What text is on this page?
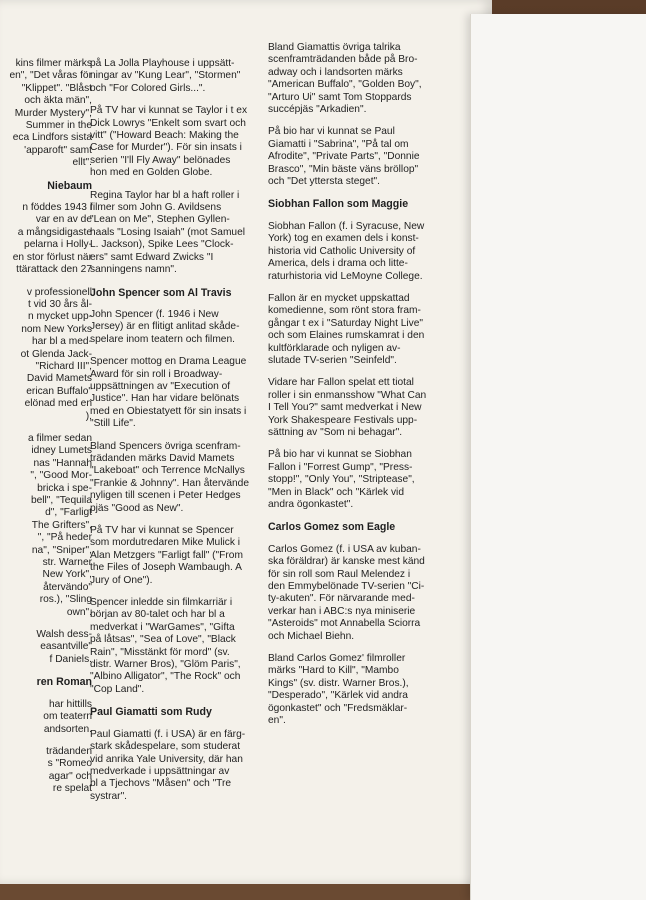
kins filmer märks
en", "Det våras för
"Klippet". "Blåst
och äkta män",
Murder Mystery",
Summer in the
eca Lindfors sista
'apparoft" samt
ellt".

Niebaum

n föddes 1943 i
var en av de
a mångsidigaste
pelarna i Holly-
en stor förlust när
ttärattack den 27

v professionell
t vid 30 års ål-
n mycket upp-
nom New Yorks
har bl a med-
ot Glenda Jack-
"Richard III",
David Mamets
erican Buffalo"
elönad med en
).

a filmer sedan
idney Lumets
nas "Hannah
", "Good Mor-
bricka i spe-
bell", "Tequila
d", "Farligt
The Grifters",
", "På heder
na", "Sniper",
str. Warner
New York",
återvändo"
ros.), "Sling
own".

Walsh dess-
easantville"
f Daniels.

ren Roman

har hittills
om teatern
andsorten.

trädanden
s "Romeo
agar" och
re spelat

på La Jolla Playhouse i uppsätt-
ningar av "Kung Lear", "Stormen"
och "For Colored Girls...".

På TV har vi kunnat se Taylor i t ex
Dick Lowrys "Enkelt som svart och
vitt" ("Howard Beach: Making the
Case for Murder"). För sin insats i
serien "I'll Fly Away" belönades
hon med en Golden Globe.

Regina Taylor har bl a haft roller i
filmer som John G. Avildsens
"Lean on Me", Stephen Gyllen-
haals "Losing Isaiah" (mot Samuel
L. Jackson), Spike Lees "Clock-
ers" samt Edward Zwicks "I
sanningens namn".

John Spencer som Al Travis

John Spencer (f. 1946 i New
Jersey) är en flitigt anlitad skåde-
spelare inom teatern och filmen.

Spencer mottog en Drama League
Award för sin roll i Broadway-
uppsättningen av "Execution of
Justice". Han har vidare belönats
med en Obiestatyett för sin insats i
"Still Life".

Bland Spencers övriga scenfram-
trädanden märks David Mamets
"Lakeboat" och Terrence McNallys
"Frankie & Johnny". Han återvände
nyligen till scenen i Peter Hedges
pjäs "Good as New".

På TV har vi kunnat se Spencer
som mordutredaren Mike Mulick i
Alan Metzgers "Farligt fall" ("From
the Files of Joseph Wambaugh. A
Jury of One").

Spencer inledde sin filmkarriär i
början av 80-talet och har bl a
medverkat i "WarGames", "Gifta
på låtsas", "Sea of Love", "Black
Rain", "Misstänkt för mord" (sv.
distr. Warner Bros), "Glöm Paris",
"Albino Alligator", "The Rock" och
"Cop Land".

Paul Giamatti som Rudy

Paul Giamatti (f. i USA) är en färg-
stark skådespelare, som studerat
vid anrika Yale University, där han
medverkade i uppsättningar av
bl a Tjechovs "Måsen" och "Tre
systrar".

Bland Giamattis övriga talrika
scenframträdanden både på Bro-
adway och i landsorten märks
"American Buffalo", "Golden Boy",
"Arturo Ui" samt Tom Stoppards
succépjäs "Arkadien".

På bio har vi kunnat se Paul
Giamatti i "Sabrina", "På tal om
Afrodite", "Private Parts", "Donnie
Brasco", "Min bäste väns bröllop"
och "Det yttersta steget".

Siobhan Fallon som Maggie

Siobhan Fallon (f. i Syracuse, New
York) tog en examen dels i konst-
historia vid Catholic University of
America, dels i drama och litte-
raturhistoria vid LeMoyne College.

Fallon är en mycket uppskattad
komedienne, som rönt stora fram-
gångar t ex i "Saturday Night Live"
och som Elaines rumskamrat i den
kultförklarade och nyligen av-
slutade TV-serien "Seinfeld".

Vidare har Fallon spelat ett tiotal
roller i sin enmansshow "What Can
I Tell You?" samt medverkat i New
York Shakespeare Festivals upp-
sättning av "Som ni behagar".

På bio har vi kunnat se Siobhan
Fallon i "Forrest Gump", "Press-
stopp!", "Only You", "Striptease",
"Men in Black" och "Kärlek vid
andra ögonkastet".

Carlos Gomez som Eagle

Carlos Gomez (f. i USA av kuban-
ska föräldrar) är kanske mest känd
för sin roll som Raul Melendez i
den Emmybelönade TV-serien "Ci-
ty-akuten". För närvarande med-
verkar han i ABC:s nya miniserie
"Asteroids" mot Annabella Sciorra
och Michael Biehn.

Bland Carlos Gomez' filmroller
märks "Hard to Kill", "Mambo
Kings" (sv. distr. Warner Bros.),
"Desperado", "Kärlek vid andra
ögonkastet" och "Fredsmäklar-
en".
